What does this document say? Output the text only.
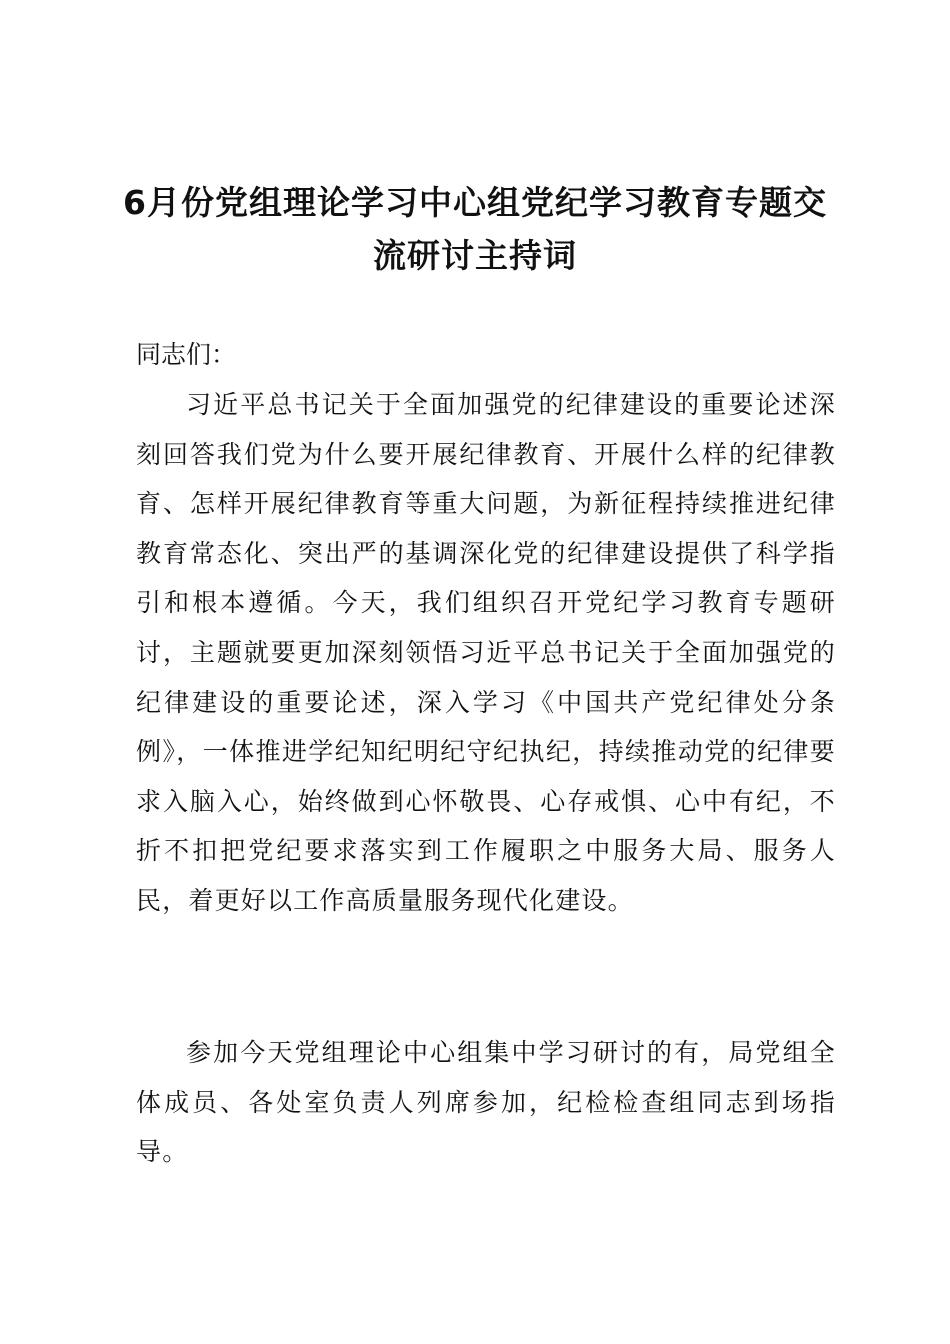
6月份党组理论学习中心组党纪学习教育专题交流研讨主持词

同志们：

习近平总书记关于全面加强党的纪律建设的重要论述深刻回答我们党为什么要开展纪律教育、开展什么样的纪律教育、怎样开展纪律教育等重大问题，为新征程持续推进纪律教育常态化、突出严的基调深化党的纪律建设提供了科学指引和根本遵循。今天，我们组织召开党纪学习教育专题研讨，主题就要更加深刻领悟习近平总书记关于全面加强党的纪律建设的重要论述，深入学习《中国共产党纪律处分条例》，一体推进学纪知纪明纪守纪执纪，持续推动党的纪律要求入脑入心，始终做到心怀敬畏、心存戒惧、心中有纪，不折不扣把党纪要求落实到工作履职之中服务大局、服务人民，着更好以工作高质量服务现代化建设。

参加今天党组理论中心组集中学习研讨的有，局党组全体成员、各处室负责人列席参加，纪检检查组同志到场指导。
